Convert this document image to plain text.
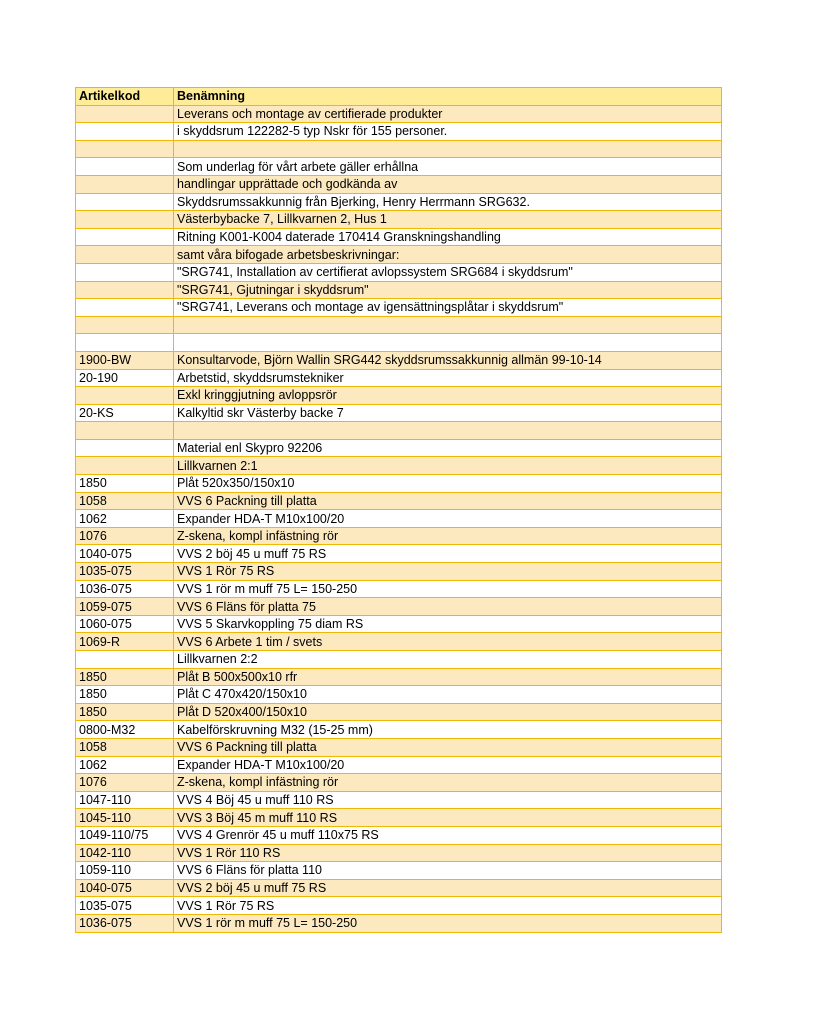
Artikelkod	Benämning
	Leverans och montage av certifierade produkter
	i skyddsrum 122282-5 typ Nskr för 155 personer.

	Som underlag för vårt arbete gäller erhållna
	handlingar upprättade och godkända av
	Skyddsrumssakkunnig från Bjerking, Henry Herrmann SRG632.
	Västerbybacke 7, Lillkvarnen 2, Hus 1
	Ritning K001-K004 daterade 170414 Granskningshandling
	samt våra bifogade arbetsbeskrivningar:
	"SRG741, Installation av certifierat avlopssystem SRG684 i skyddsrum"
	"SRG741, Gjutningar i skyddsrum"
	"SRG741, Leverans och montage av igensättningsplåtar i skyddsrum"

1900-BW	Konsultarvode, Björn Wallin SRG442 skyddsrumssakkunnig allmän 99-10-14
20-190	Arbetstid, skyddsrumstekniker
	Exkl kringgjutning avloppsrör
20-KS	Kalkyltid skr Västerby backe 7

	Material enl Skypro 92206
	Lillkvarnen 2:1
1850	Plåt 520x350/150x10
1058	VVS 6 Packning till platta
1062	Expander HDA-T M10x100/20
1076	Z-skena, kompl infästning rör
1040-075	VVS 2 böj 45 u muff 75 RS
1035-075	VVS 1 Rör 75 RS
1036-075	VVS 1 rör m muff 75 L= 150-250
1059-075	VVS 6 Fläns för platta 75
1060-075	VVS 5 Skarvkoppling 75 diam RS
1069-R	VVS 6 Arbete 1 tim / svets
	Lillkvarnen 2:2
1850	Plåt B 500x500x10 rfr
1850	Plåt C 470x420/150x10
1850	Plåt D 520x400/150x10
0800-M32	Kabelförskruvning M32 (15-25 mm)
1058	VVS 6 Packning till platta
1062	Expander HDA-T M10x100/20
1076	Z-skena, kompl infästning rör
1047-110	VVS 4 Böj 45 u muff 110 RS
1045-110	VVS 3 Böj 45 m muff 110 RS
1049-110/75	VVS 4 Grenrör 45 u muff 110x75 RS
1042-110	VVS 1 Rör 110 RS
1059-110	VVS 6 Fläns för platta 110
1040-075	VVS 2 böj 45 u muff 75 RS
1035-075	VVS 1 Rör 75 RS
1036-075	VVS 1 rör m muff 75 L= 150-250
